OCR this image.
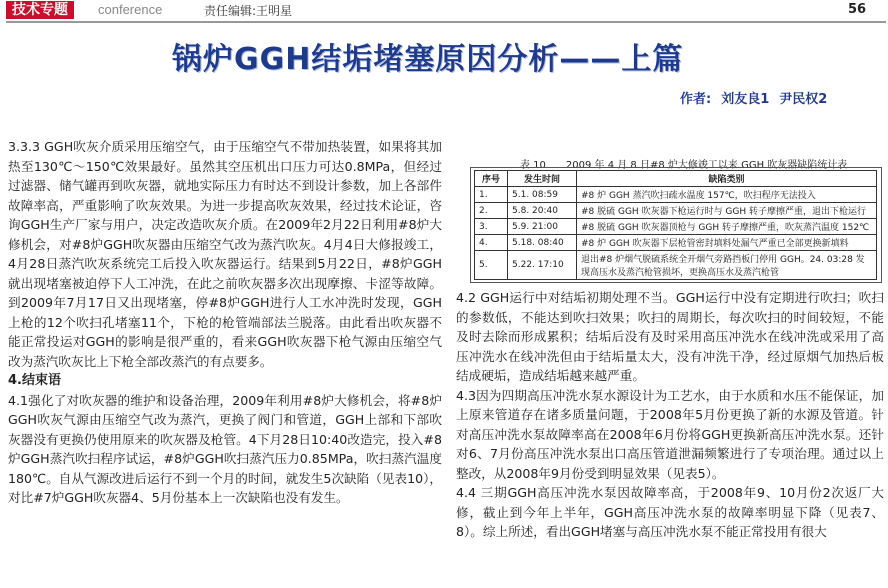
技术专题	conference	责任编辑:王明星	56
锅炉GGH结垢堵塞原因分析——上篇
作者: 刘友良1 尹民权2

3.3.3 GGH吹灰介质采用压缩空气，由于压缩空气不带加热装置，如果将其加热至130℃～150℃效果最好。虽然其空压机出口压力可达0.8MPa，但经过过滤器、储气罐再到吹灰器，就地实际压力有时达不到设计参数，加上各部件故障率高，严重影响了吹灰效果。为进一步提高吹灰效果，经过技术论证，咨询GGH生产厂家与用户，决定改造吹灰介质。在2009年2月22日利用#8炉大修机会，对#8炉GGH吹灰器由压缩空气改为蒸汽吹灰。4月4日大修报竣工，4月28日蒸汽吹灰系统完工后投入吹灰器运行。结果到5月22日，#8炉GGH就出现堵塞被迫停下人工冲洗，在此之前吹灰器多次出现摩擦、卡涩等故障。到2009年7月17日又出现堵塞，停#8炉GGH进行人工水冲洗时发现，GGH上枪的12个吹扫孔堵塞11个，下枪的枪管端部法兰脱落。由此看出吹灰器不能正常投运对GGH的影响是很严重的，看来GGH吹灰器下枪气源由压缩空气改为蒸汽吹灰比上下枪全部改蒸汽的有点要多。

4.结束语

4.1强化了对吹灰器的维护和设备治理，2009年利用#8炉大修机会，将#8炉GGH吹灰气源由压缩空气改为蒸汽，更换了阀门和管道，GGH上部和下部吹灰器没有更换仍使用原来的吹灰器及枪管。4下月28日10:40改造完，投入#8炉GGH蒸汽吹扫程序试运，#8炉GGH吹扫蒸汽压力0.85MPa，吹扫蒸汽温度180℃。自从气源改进后运行不到一个月的时间，就发生5次缺陷（见表10），对比#7炉GGH吹灰器4、5月份基本上一次缺陷也没有发生。

表 10　　2009 年 4 月 8 日#8 炉大修竣工以来 GGH 吹灰器缺陷统计表
序号	发生时间	缺陷类别
1.	5.1. 08:59	#8 炉 GGH 蒸汽吹扫疏水温度 157℃，吹扫程序无法投入
2.	5.8. 20:40	#8 脱硫 GGH 吹灰器下枪运行时与 GGH 转子摩擦严重，退出下枪运行
3.	5.9. 21:00	#8 脱硫 GGH 吹灰器顶枪与 GGH 转子摩擦严重，吹灰蒸汽温度 152℃
4.	5.18. 08:40	#8 炉 GGH 吹灰器下层枪管密封填料处漏气严重已全部更换新填料
5.	5.22. 17:10	退出#8 炉烟气脱硫系统全开烟气旁路挡板门停用 GGH。24. 03:28 发现高压水及蒸汽枪管损坏，更换高压水及蒸汽枪管

4.2 GGH运行中对结垢初期处理不当。GGH运行中没有定期进行吹扫；吹扫的参数低，不能达到吹扫效果；吹扫的周期长，每次吹扫的时间较短，不能及时去除而形成累积；结垢后没有及时采用高压冲洗水在线冲洗或采用了高压冲洗水在线冲洗但由于结垢量太大，没有冲洗干净，经过原烟气加热后板结成硬垢，造成结垢越来越严重。

4.3因为四期高压冲洗水泵水源设计为工艺水，由于水质和水压不能保证，加上原来管道存在诸多质量问题，于2008年5月份更换了新的水源及管道。针对高压冲洗水泵故障率高在2008年6月份将GGH更换新高压冲洗水泵。还针对6、7月份高压冲洗水泵出口高压管道泄漏频繁进行了专项治理。通过以上整改，从2008年9月份受到明显效果（见表5）。

4.4 三期GGH高压冲洗水泵因故障率高，于2008年9、10月份2次返厂大修，截止到今年上半年，GGH高压冲洗水泵的故障率明显下降（见表7、8）。综上所述，看出GGH堵塞与高压冲洗水泵不能正常投用有很大
